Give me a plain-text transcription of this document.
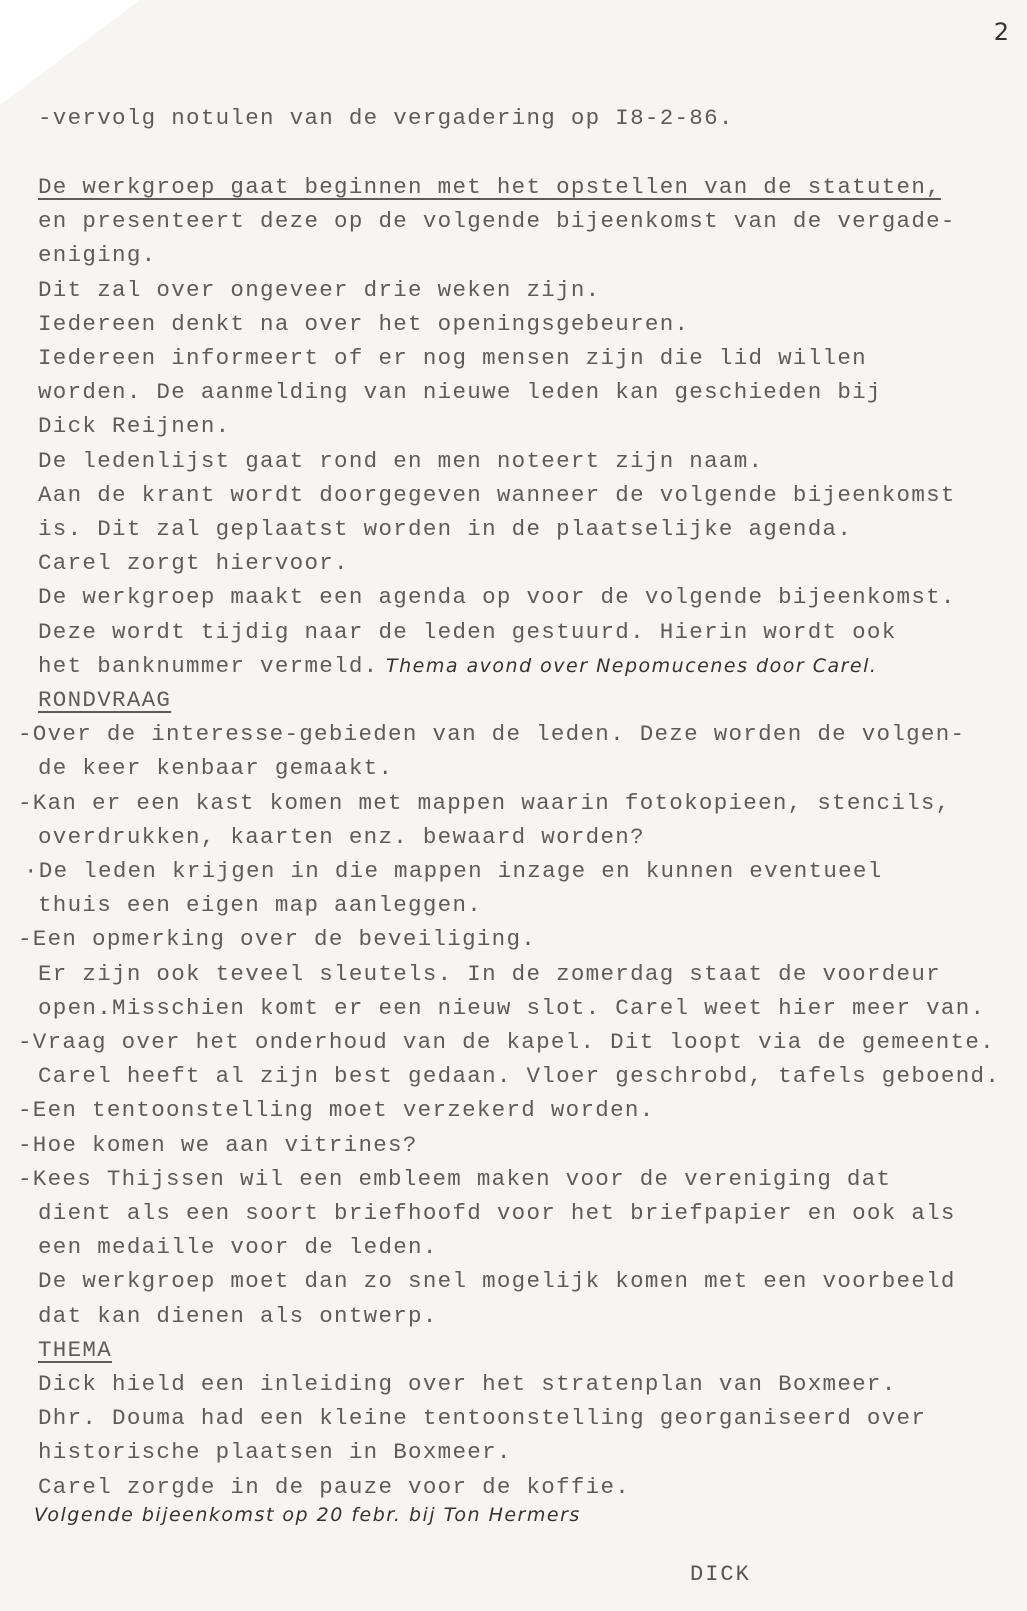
2
-vervolg notulen van de vergadering op I8-2-86.
De werkgroep gaat beginnen met het opstellen van de statuten,
en presenteert deze op de volgende bijeenkomst van de vergade-
eniging.
Dit zal over ongeveer drie weken zijn.
Iedereen denkt na over het openingsgebeuren.
Iedereen informeert of er nog mensen zijn die lid willen
worden. De aanmelding van nieuwe leden kan geschieden bij
Dick Reijnen.
De ledenlijst gaat rond en men noteert zijn naam.
Aan de krant wordt doorgegeven wanneer de volgende bijeenkomst
is. Dit zal geplaatst worden in de plaatselijke agenda.
Carel zorgt hiervoor.
De werkgroep maakt een agenda op voor de volgende bijeenkomst.
Deze wordt tijdig naar de leden gestuurd. Hierin wordt ook
het banknummer vermeld. Thema avond over Nepomucenes door Carel.
RONDVRAAG
-Over de interesse-gebieden van de leden. Deze worden de volgen-
de keer kenbaar gemaakt.
-Kan er een kast komen met mappen waarin fotokopieen, stencils,
overdrukken, kaarten enz. bewaard worden?
·De leden krijgen in die mappen inzage en kunnen eventueel
thuis een eigen map aanleggen.
-Een opmerking over de beveiliging.
Er zijn ook teveel sleutels. In de zomerdag staat de voordeur
open.Misschien komt er een nieuw slot. Carel weet hier meer van.
-Vraag over het onderhoud van de kapel. Dit loopt via de gemeente.
Carel heeft al zijn best gedaan. Vloer geschrobd, tafels geboend.
-Een tentoonstelling moet verzekerd worden.
-Hoe komen we aan vitrines?
-Kees Thijssen wil een embleem maken voor de vereniging dat
dient als een soort briefhoofd voor het briefpapier en ook als
een medaille voor de leden.
De werkgroep moet dan zo snel mogelijk komen met een voorbeeld
dat kan dienen als ontwerp.
THEMA
Dick hield een inleiding over het stratenplan van Boxmeer.
Dhr. Douma had een kleine tentoonstelling georganiseerd over
historische plaatsen in Boxmeer.
Carel zorgde in de pauze voor de koffie.
Volgende bijeenkomst op 20 febr. bij Ton Hermers
DICK
